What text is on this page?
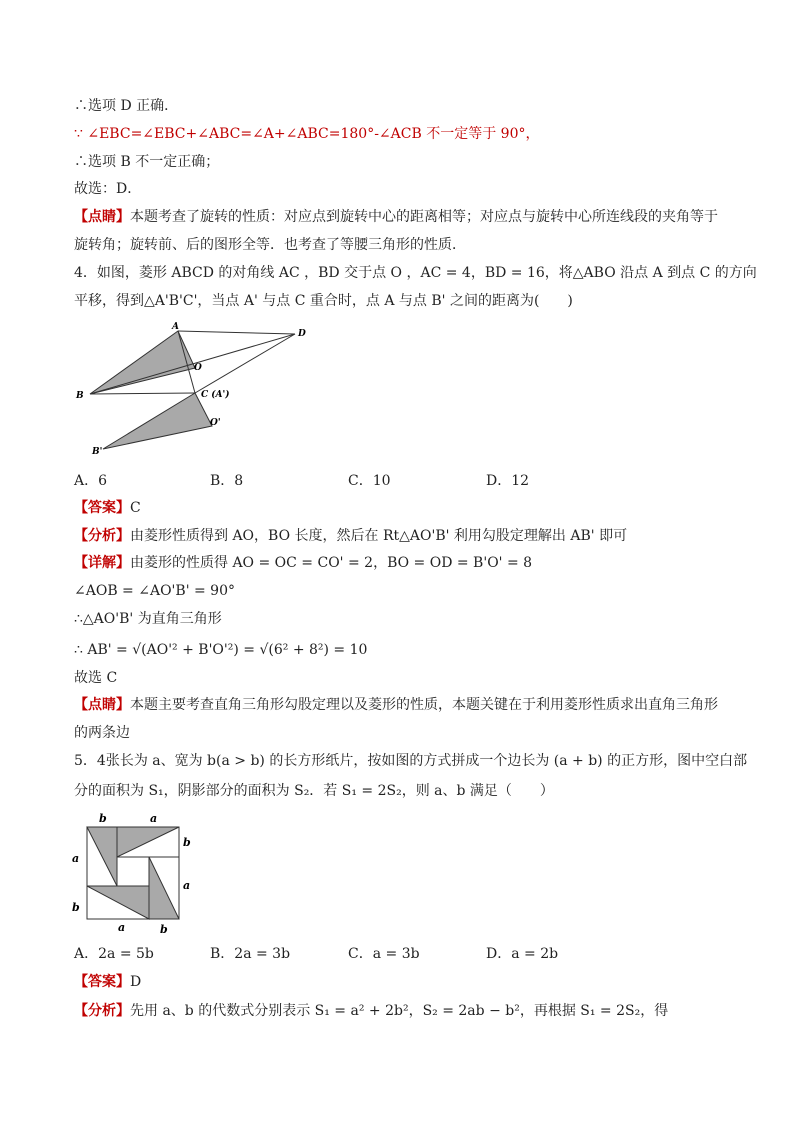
∴选项 D 正确．
∵ ∠EBC=∠EBC+∠ABC=∠A+∠ABC=180°-∠ACB 不一定等于 90°，
∴选项 B 不一定正确；
故选：D．
【点睛】本题考查了旋转的性质：对应点到旋转中心的距离相等；对应点与旋转中心所连线段的夹角等于
旋转角；旋转前、后的图形全等．也考查了等腰三角形的性质．
4．如图，菱形 ABCD 的对角线 AC ，BD 交于点 O ，AC = 4，BD = 16，将△ABO 沿点 A 到点 C 的方向
平移，得到△A'B'C'，当点 A' 与点 C 重合时，点 A 与点 B' 之间的距离为(　　)
A
D
B
O
C (A')
O'
B'
A．6	B．8	C．10	D．12
【答案】C
【分析】由菱形性质得到 AO，BO 长度，然后在 Rt△AO'B' 利用勾股定理解出 AB' 即可
【详解】由菱形的性质得 AO = OC = CO' = 2，BO = OD = B'O' = 8
∠AOB = ∠AO'B' = 90°
∴△AO'B' 为直角三角形
∴ AB' = √(AO'² + B'O'²) = √(6² + 8²) = 10
故选 C
【点睛】本题主要考查直角三角形勾股定理以及菱形的性质，本题关键在于利用菱形性质求出直角三角形
的两条边
5．4张长为 a、宽为 b(a > b) 的长方形纸片，按如图的方式拼成一个边长为 (a + b) 的正方形，图中空白部
分的面积为 S₁，阴影部分的面积为 S₂．若 S₁ = 2S₂，则 a、b 满足（　　）
b	a
a
b
b
a
a	b
A．2a = 5b	B．2a = 3b	C．a = 3b	D．a = 2b
【答案】D
【分析】先用 a、b 的代数式分别表示 S₁ = a² + 2b²，S₂ = 2ab − b²，再根据 S₁ = 2S₂，得
